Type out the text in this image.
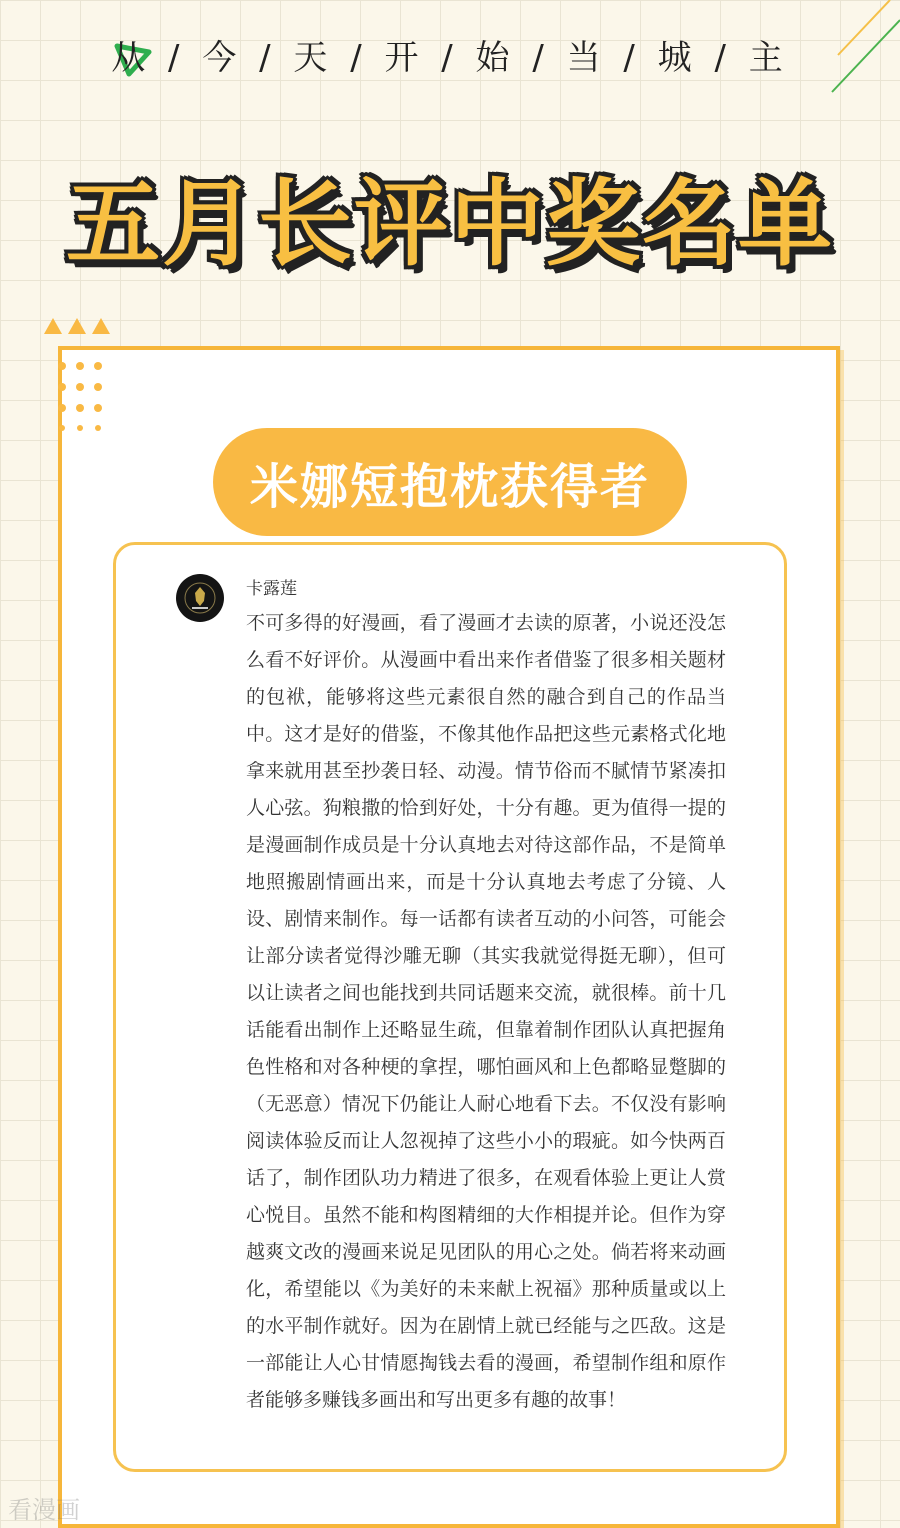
从 / 今 / 天 / 开 / 始 / 当 / 城 / 主
五月长评中奖名单
米娜短抱枕获得者
卡露莲

不可多得的好漫画，看了漫画才去读的原著，小说还没怎么看不好评价。从漫画中看出来作者借鉴了很多相关题材的包袱，能够将这些元素很自然的融合到自己的作品当中。这才是好的借鉴，不像其他作品把这些元素格式化地拿来就用甚至抄袭日轻、动漫。情节俗而不腻情节紧凑扣人心弦。狗粮撒的恰到好处，十分有趣。更为值得一提的是漫画制作成员是十分认真地去对待这部作品，不是简单地照搬剧情画出来，而是十分认真地去考虑了分镜、人设、剧情来制作。每一话都有读者互动的小问答，可能会让部分读者觉得沙雕无聊（其实我就觉得挺无聊），但可以让读者之间也能找到共同话题来交流，就很棒。前十几话能看出制作上还略显生疏，但靠着制作团队认真把握角色性格和对各种梗的拿捏，哪怕画风和上色都略显蹩脚的（无恶意）情况下仍能让人耐心地看下去。不仅没有影响阅读体验反而让人忽视掉了这些小小的瑕疵。如今快两百话了，制作团队功力精进了很多，在观看体验上更让人赏心悦目。虽然不能和构图精细的大作相提并论。但作为穿越爽文改的漫画来说足见团队的用心之处。倘若将来动画化，希望能以《为美好的未来献上祝福》那种质量或以上的水平制作就好。因为在剧情上就已经能与之匹敌。这是一部能让人心甘情愿掏钱去看的漫画，希望制作组和原作者能够多赚钱多画出和写出更多有趣的故事！

看漫画
